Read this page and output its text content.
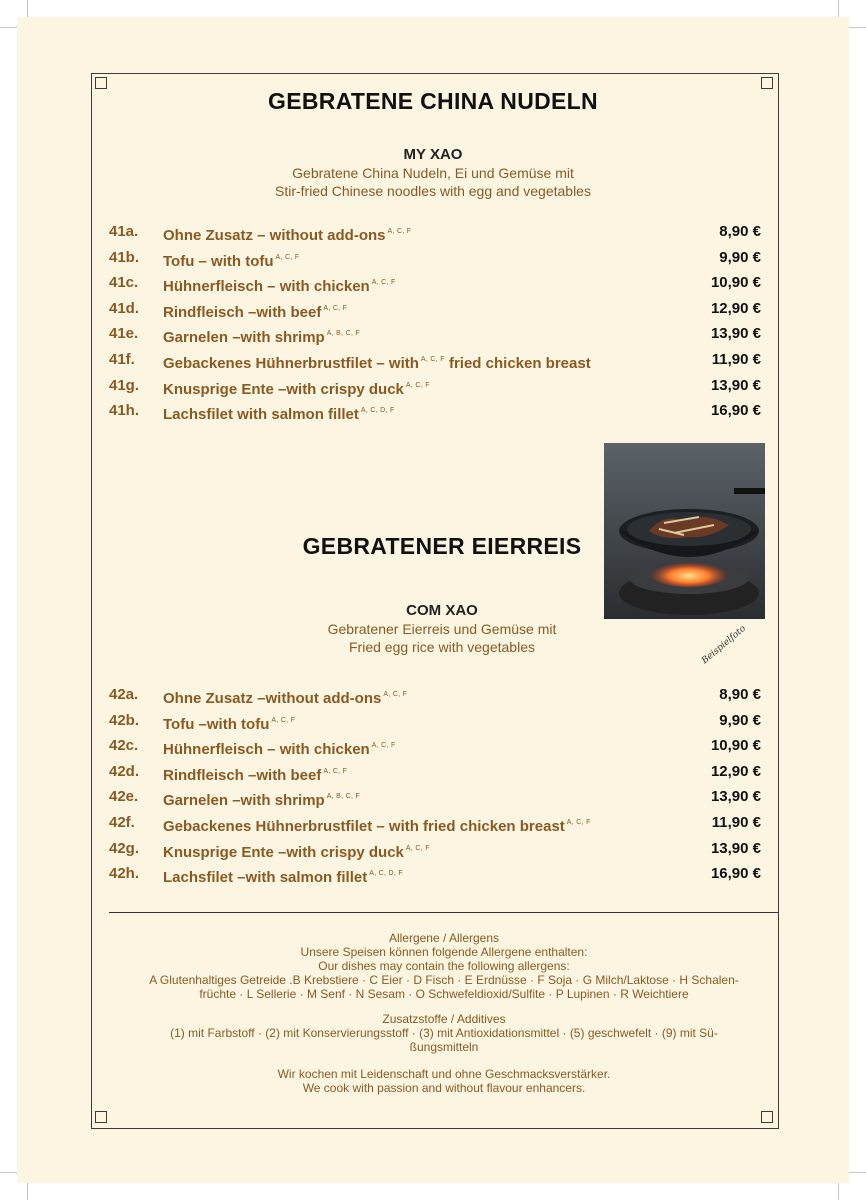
GEBRATENE CHINA NUDELN
MY XAO
Gebratene China Nudeln, Ei und Gemüse mit
Stir-fried Chinese noodles with egg and vegetables
41a. Ohne Zusatz – without add-ons $^{A, C, F}$	8,90 €
41b. Tofu – with tofu $^{A, C, F}$	9,90 €
41c. Hühnerfleisch – with chicken $^{A, C, F}$	10,90 €
41d. Rindfleisch –with beef $^{A, C, F}$	12,90 €
41e. Garnelen –with shrimp $^{A, B, C, F}$	13,90 €
41f. Gebackenes Hühnerbrustfilet – with $^{A, C, F}$ fried chicken breast	11,90 €
41g. Knusprige Ente –with crispy duck $^{A, C, F}$	13,90 €
41h. Lachsfilet with salmon fillet $^{A, C, D, F}$	16,90 €
Beispielfoto
GEBRATENER EIERREIS
COM XAO
Gebratener Eierreis und Gemüse mit
Fried egg rice with vegetables
42a. Ohne Zusatz –without add-ons $^{A, C, F}$	8,90 €
42b. Tofu –with tofu $^{A, C, F}$	9,90 €
42c. Hühnerfleisch – with chicken $^{A, C, F}$	10,90 €
42d. Rindfleisch –with beef $^{A, C, F}$	12,90 €
42e. Garnelen –with shrimp $^{A, B, C, F}$	13,90 €
42f. Gebackenes Hühnerbrustfilet – with fried chicken breast $^{A, C, F}$	11,90 €
42g. Knusprige Ente –with crispy duck $^{A, C, F}$	13,90 €
42h. Lachsfilet –with salmon fillet $^{A, C, D, F}$	16,90 €
Allergene / Allergens
Unsere Speisen können folgende Allergene enthalten:
Our dishes may contain the following allergens:
A Glutenhaltiges Getreide .B Krebstiere · C Eier · D Fisch · E Erdnüsse · F Soja · G Milch/Laktose · H Schalen-
früchte · L Sellerie · M Senf · N Sesam · O Schwefeldioxid/Sulfite · P Lupinen · R Weichtiere
Zusatzstoffe / Additives
(1) mit Farbstoff · (2) mit Konservierungsstoff · (3) mit Antioxidationsmittel · (5) geschwefelt · (9) mit Sü-
ßungsmitteln
Wir kochen mit Leidenschaft und ohne Geschmacksverstärker.
We cook with passion and without flavour enhancers.
